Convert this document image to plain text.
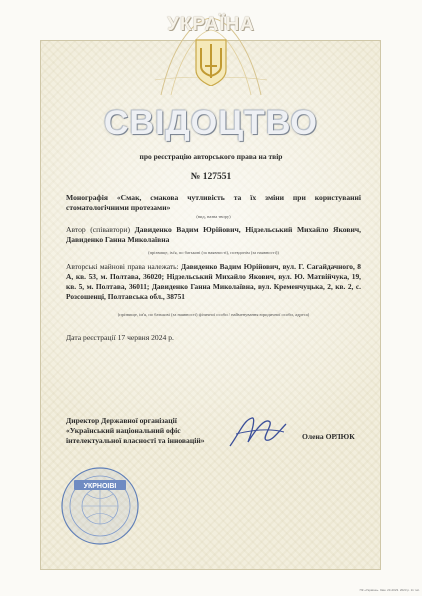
УКРАЇНА
СВІДОЦТВО
про реєстрацію авторського права на твір
№ 127551
Монографія «Смак, смакова чутливість та їх зміни при користуванні стоматологічними протезами»
(вид, назва твору)
Автор (співавтори) Давиденко Вадим Юрійович, Нідзельський Михайло Якович, Давиденко Ганна Миколаївна
(прізвище, ім'я, по батькові (за наявності), псевдонім (за наявності))
Авторські майнові права належать: Давиденко Вадим Юрійович, вул. Г. Сагайдачного, 8 А, кв. 53, м. Полтава, 36020; Нідзельський Михайло Якович, вул. Ю. Матвійчука, 19, кв. 5, м. Полтава, 36011; Давиденко Ганна Миколаївна, вул. Кременчуцька, 2, кв. 2, с. Розсошенці, Полтавська обл., 38751
(прізвище, ім'я, по батькові (за наявності) фізичної особи / найменування юридичної особи, адреса)
Дата реєстрації 17 червня 2024 р.
Директор Державної організації «Український національний офіс інтелектуальної власності та інновацій»	Олена ОРЛЮК
УКРНОІВІ
ПК «Україна». Зам. 23-2023. 2023 р. 11 тис.
